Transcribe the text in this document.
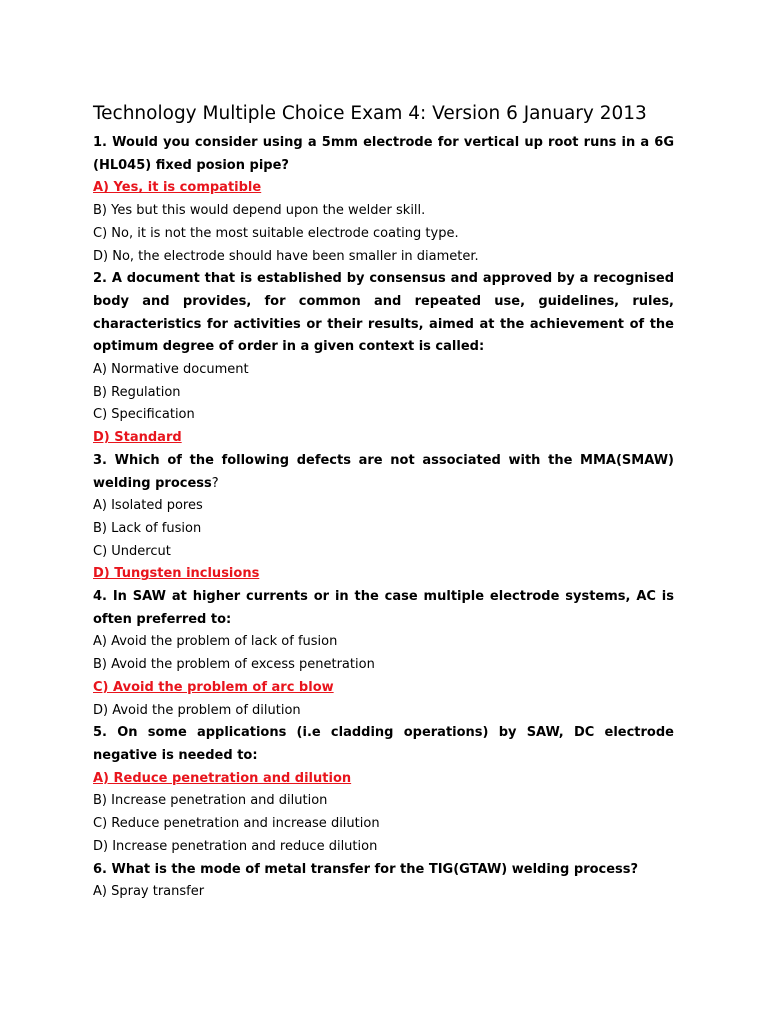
Technology Multiple Choice Exam 4: Version 6 January 2013

1. Would you consider using a 5mm electrode for vertical up root runs in a 6G (HL045) fixed posion pipe?

A) Yes, it is compatible

B) Yes but this would depend upon the welder skill.

C) No, it is not the most suitable electrode coating type.

D) No, the electrode should have been smaller in diameter.

2. A document that is established by consensus and approved by a recognised body and provides, for common and repeated use, guidelines, rules, characteristics for activities or their results, aimed at the achievement of the optimum degree of order in a given context is called:

A) Normative document

B) Regulation

C) Specification

D) Standard

3. Which of the following defects are not associated with the MMA(SMAW) welding process?

A) Isolated pores

B) Lack of fusion

C) Undercut

D) Tungsten inclusions

4. In SAW at higher currents or in the case multiple electrode systems, AC is often preferred to:

A) Avoid the problem of lack of fusion

B) Avoid the problem of excess penetration

C) Avoid the problem of arc blow

D) Avoid the problem of dilution

5. On some applications (i.e cladding operations) by SAW, DC electrode negative is needed to:

A) Reduce penetration and dilution

B) Increase penetration and dilution

C) Reduce penetration and increase dilution

D) Increase penetration and reduce dilution

6. What is the mode of metal transfer for the TIG(GTAW) welding process?

A) Spray transfer
